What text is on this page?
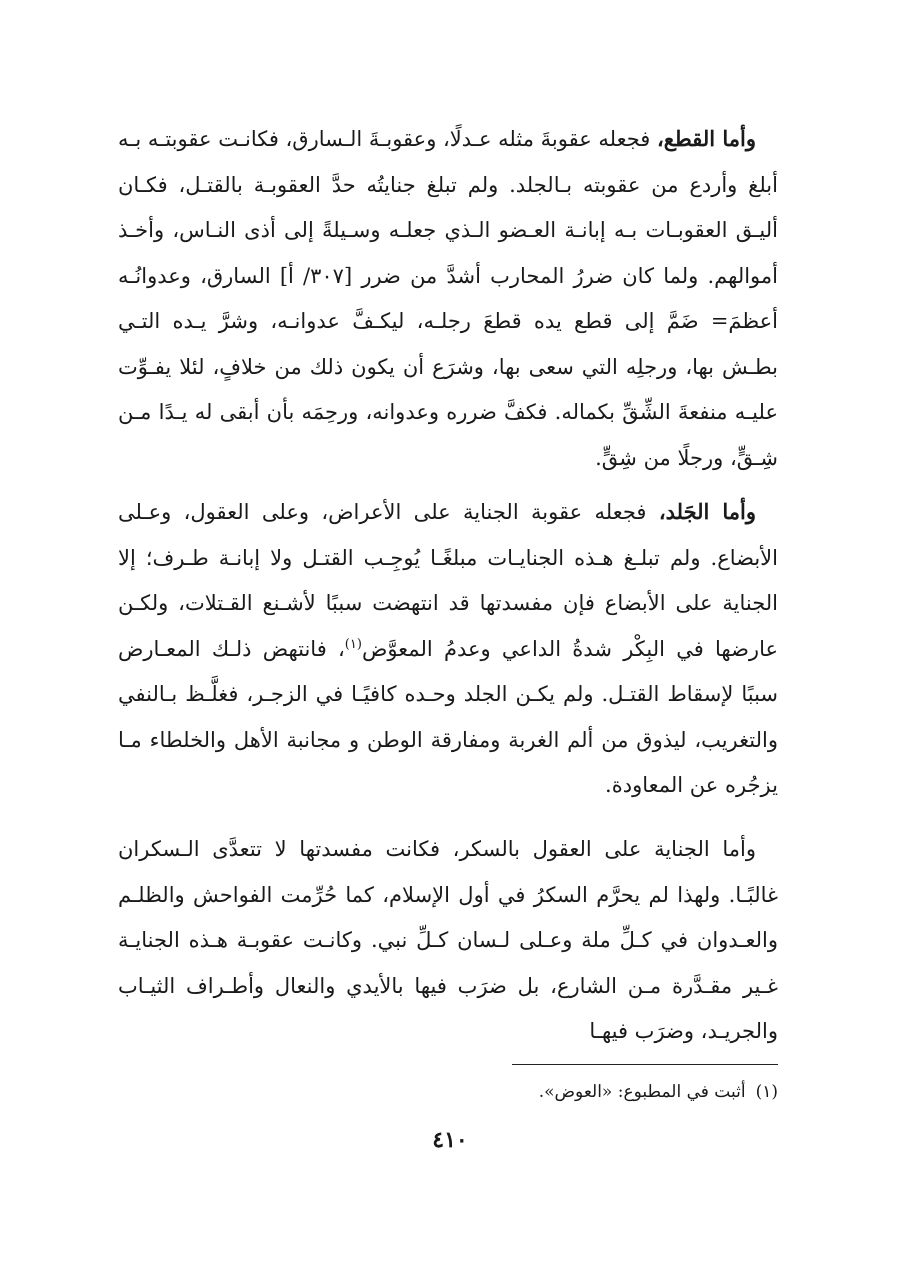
وأما القطع، فجعله عقوبةَ مثله عـدلًا، وعقوبـةَ الـسارق، فكانـت عقوبتـه بـه أبلغ وأردع من عقوبته بـالجلد. ولم تبلغ جنايتُه حدَّ العقوبـة بالقتـل، فكـان أليـق العقوبـات بـه إبانـة العـضو الـذي جعلـه وسـيلةً إلى أذى النـاس، وأخـذ أموالهم. ولما كان ضررُ المحارب أشدَّ من ضرر [٣٠٧/ أ] السارق، وعدوانُـه أعظمَ= ضَمَّ إلى قطع يده قطعَ رجلـه، ليكـفَّ عدوانـه، وشرَّ يـده التـي بطـش بها، ورجلِه التي سعى بها، وشرَع أن يكون ذلك من خلافٍ، لئلا يفـوِّت عليـه منفعةَ الشِّقِّ بكماله. فكفَّ ضرره وعدوانه، ورحِمَه بأن أبقى له يـدًا مـن شِـقٍّ، ورجلًا من شِقٍّ.

وأما الجَلد، فجعله عقوبة الجناية على الأعراض، وعلى العقول، وعـلى الأبضاع. ولم تبلـغ هـذه الجنايـات مبلغًـا يُوجِـب القتـل ولا إبانـة طـرف؛ إلا الجناية على الأبضاع فإن مفسدتها قد انتهضت سببًا لأشـنع القـتلات، ولكـن عارضها في البِكْر شدةُ الداعي وعدمُ المعوَّض$^{(١)}$، فانتهض ذلـك المعـارض سببًا لإسقاط القتـل. ولم يكـن الجلد وحـده كافيًـا في الزجـر، فغلَّـظ بـالنفي والتغريب، ليذوق من ألم الغربة ومفارقة الوطن و مجانبة الأهل والخلطاء مـا يزجُره عن المعاودة.

وأما الجناية على العقول بالسكر، فكانت مفسدتها لا تتعدَّى الـسكران غالبًـا. ولهذا لم يحرَّم السكرُ في أول الإسلام، كما حُرِّمت الفواحش والظلـم والعـدوان في كـلِّ ملة وعـلى لـسان كـلِّ نبي. وكانـت عقوبـة هـذه الجنايـة غـير مقـدَّرة مـن الشارع، بل ضرَب فيها بالأيدي والنعال وأطـراف الثيـاب والجريـد، وضرَب فيهـا

(١)أثبت في المطبوع: «العوض».
٤١٠
